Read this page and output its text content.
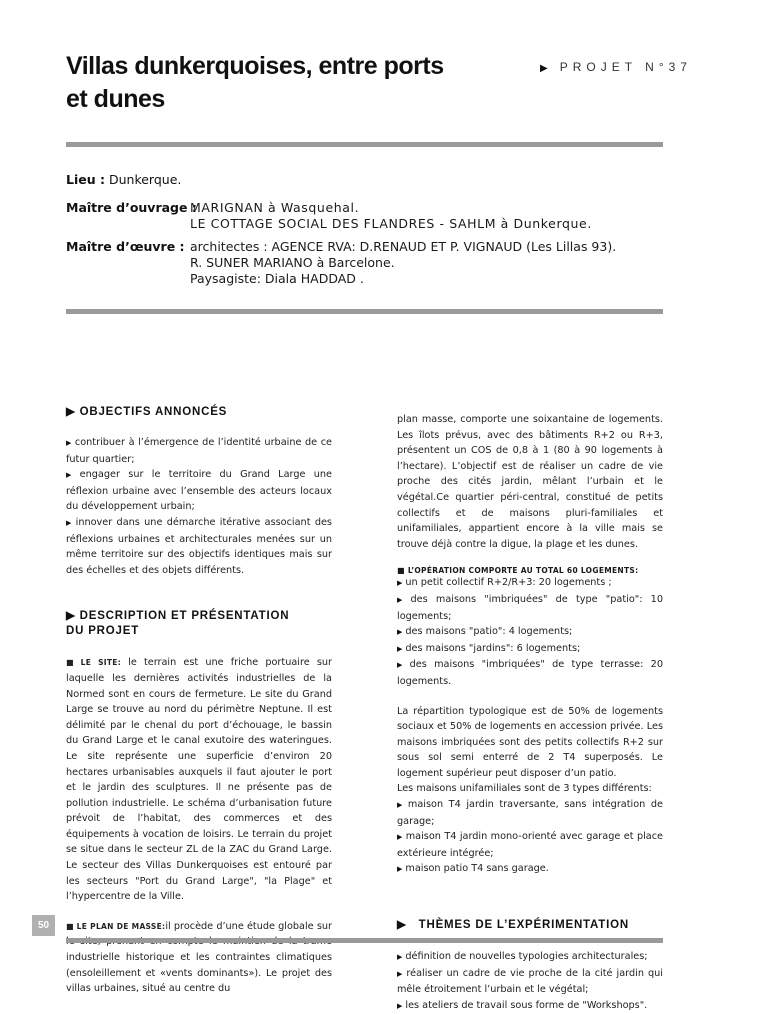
Villas dunkerquoises, entre ports
et dunes
▶ PROJET N°37
Lieu : Dunkerque.
Maître d’ouvrage :
MARIGNAN à Wasquehal.
LE COTTAGE SOCIAL DES FLANDRES - SAHLM à Dunkerque.
Maître d’œuvre : architectes : AGENCE RVA: D.RENAUD ET P. VIGNAUD (Les Lillas 93).
R. SUNER MARIANO à Barcelone.
Paysagiste: Diala HADDAD .
▶ OBJECTIFS ANNONCÉS
▶ contribuer à l’émergence de l’identité urbaine de ce futur quartier;
▶ engager sur le territoire du Grand Large une réflexion urbaine avec l’ensemble des acteurs locaux du développement urbain;
▶ innover dans une démarche itérative associant des réflexions urbaines et architecturales menées sur un même territoire sur des objectifs identiques mais sur des échelles et des objets différents.
▶ DESCRIPTION ET PRÉSENTATION
DU PROJET

■ LE SITE: le terrain est une friche portuaire sur laquelle les dernières activités industrielles de la Normed sont en cours de fermeture. Le site du Grand Large se trouve au nord du périmètre Neptune. Il est délimité par le chenal du port d’échouage, le bassin du Grand Large et le canal exutoire des wateringues. Le site représente une superficie d’environ 20 hectares urbanisables auxquels il faut ajouter le port et le jardin des sculptures. Il ne présente pas de pollution industrielle. Le schéma d’urbanisation future prévoit de l’habitat, des commerces et des équipements à vocation de loisirs. Le terrain du projet se situe dans le secteur ZL de la ZAC du Grand Large. Le secteur des Villas Dunkerquoises est entouré par les secteurs "Port du Grand Large", "la Plage" et l’hypercentre de la Ville.

■ LE PLAN DE MASSE:il procède d’une étude globale sur industrielle historique et les contraintes climatiques (ensoleillement et «vents dominants»). Le projet des villas urbaines, situé au centre du

plan masse, comporte une soixantaine de logements. Les îlots prévus, avec des bâtiments R+2 ou R+3, présentent un COS de 0,8 à 1 (80 à 90 logements à l’hectare). L’objectif est de réaliser un cadre de vie proche des cités jardin, mêlant l’urbain et le végétal.Ce quartier péri-central, constitué de petits collectifs et de maisons pluri-familiales et unifamiliales, appartient encore à la ville mais se trouve déjà contre la digue, la plage et les dunes.

■ L’OPÉRATION COMPORTE AU TOTAL 60 LOGEMENTS:
▶ un petit collectif R+2/R+3: 20 logements ;
▶ des maisons "imbriquées" de type "patio": 10 logements;
▶ des maisons "patio": 4 logements;
▶ des maisons "jardins": 6 logements;
▶ des maisons "imbriquées" de type terrasse: 20 logements.

La répartition typologique est de 50% de logements sociaux et 50% de logements en accession privée. Les maisons imbriquées sont des petits collectifs R+2 sur sous sol semi enterré de 2 T4 superposés. Le logement supérieur peut disposer d’un patio.

Les maisons unifamiliales sont de 3 types différents:
▶ maison T4 jardin traversante, sans intégration de garage;
▶ maison T4 jardin mono-orienté avec garage et place extérieure intégrée;
▶ maison patio T4 sans garage.
▶   THÈMES DE L’EXPÉRIMENTATION
▶ définition de nouvelles typologies architecturales;
▶ réaliser un cadre de vie proche de la cité jardin qui mêle étroitement l’urbain et le végétal;
▶ les ateliers de travail sous forme de "Workshops".
50
